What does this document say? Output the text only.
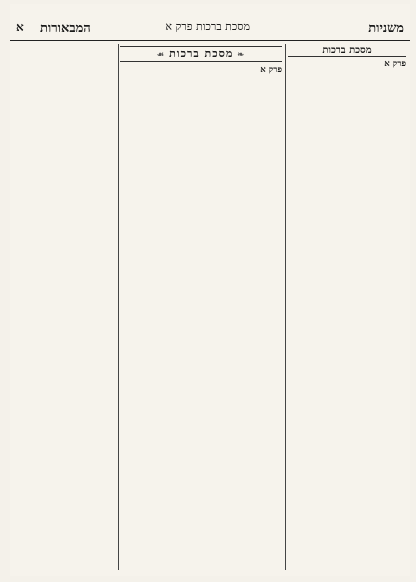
משניות
מסכת ברכות פרק א
המבאורות
א
מסכת ברכות
פרק א
❧מסכת ברכות☙
פרק א
